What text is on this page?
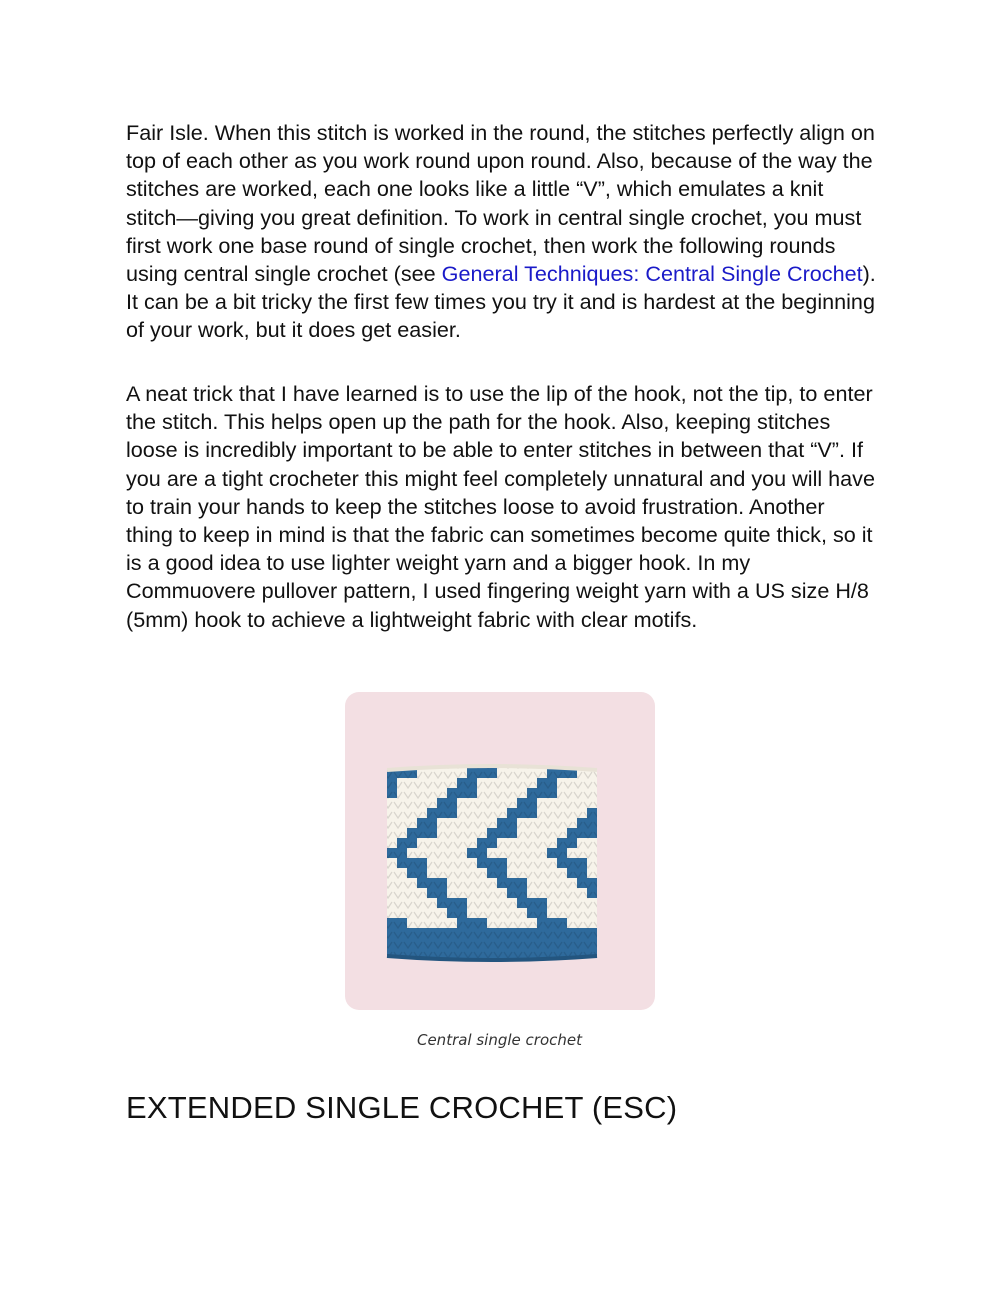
Fair Isle. When this stitch is worked in the round, the stitches perfectly align on top of each other as you work round upon round. Also, because of the way the stitches are worked, each one looks like a little “V”, which emulates a knit stitch—giving you great definition. To work in central single crochet, you must first work one base round of single crochet, then work the following rounds using central single crochet (see General Techniques: Central Single Crochet). It can be a bit tricky the first few times you try it and is hardest at the beginning of your work, but it does get easier.

A neat trick that I have learned is to use the lip of the hook, not the tip, to enter the stitch. This helps open up the path for the hook. Also, keeping stitches loose is incredibly important to be able to enter stitches in between that “V”. If you are a tight crocheter this might feel completely unnatural and you will have to train your hands to keep the stitches loose to avoid frustration. Another thing to keep in mind is that the fabric can sometimes become quite thick, so it is a good idea to use lighter weight yarn and a bigger hook. In my Commuovere pullover pattern, I used fingering weight yarn with a US size H/8 (5mm) hook to achieve a lightweight fabric with clear motifs.

Central single crochet
EXTENDED SINGLE CROCHET (ESC)
